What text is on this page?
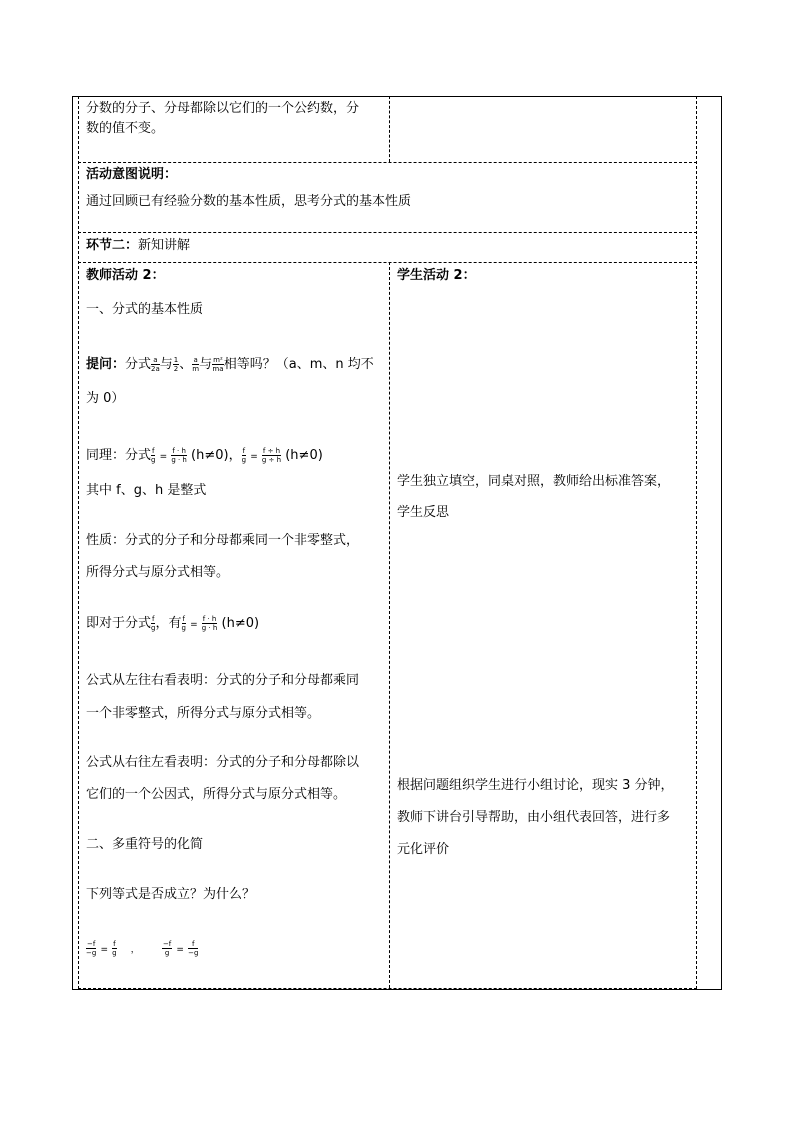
分数的分子、分母都除以它们的一个公约数，分
数的值不变。
活动意图说明：
通过回顾已有经验分数的基本性质，思考分式的基本性质
环节二：新知讲解
教师活动 2：
一、分式的基本性质
提问：分式 $\frac{a}{2a}$ 与 $\frac{1}{2}$ 、 $\frac{a}{m}$ 与 $\frac{\text{m²}}{ma}$ 相等吗？（a、m、n 均不
为 0）
同理：分式 $\frac{f}{g} = \frac{f \cdot h}{g \cdot h} (h\ne 0)$， $\frac{f}{g} = \frac{f \div h}{g \div h} (h\ne 0)$
其中 f、g、h 是整式
性质：分式的分子和分母都乘同一个非零整式，
所得分式与原分式相等。
即对于分式 $\frac{f}{g}$ ，有 $\frac{f}{g} = \frac{f \cdot h}{g \cdot h} (h\ne 0)$
公式从左往右看表明：分式的分子和分母都乘同
一个非零整式，所得分式与原分式相等。
公式从右往左看表明：分式的分子和分母都除以
它们的一个公因式，所得分式与原分式相等。
二、多重符号的化简
下列等式是否成立？为什么？
$\frac{-f}{-g} = \frac{f}{g}$ ，	$\frac{-f}{g} = \frac{f}{-g}$
学生活动 2：
学生独立填空，同桌对照，教师给出标准答案，
学生反思
根据问题组织学生进行小组讨论，现实 3 分钟，
教师下讲台引导帮助，由小组代表回答，进行多
元化评价
